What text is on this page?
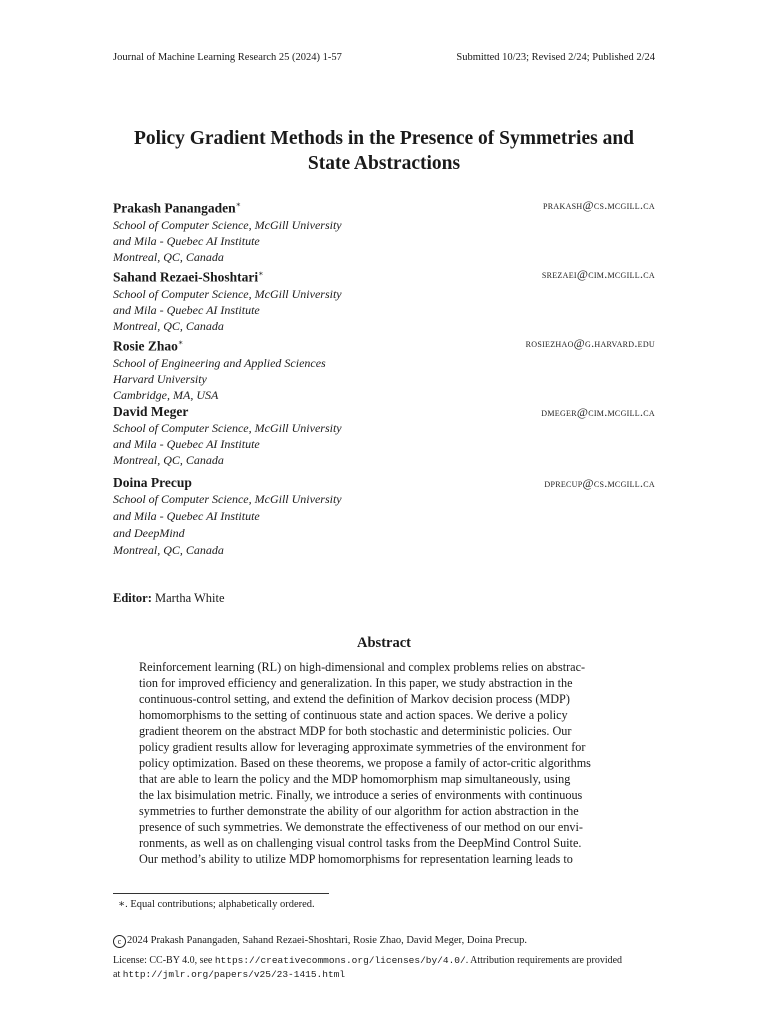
Journal of Machine Learning Research 25 (2024) 1-57	Submitted 10/23; Revised 2/24; Published 2/24
Policy Gradient Methods in the Presence of Symmetries and
State Abstractions
Prakash Panangaden∗	prakash@cs.mcgill.ca
School of Computer Science, McGill University
and Mila - Quebec AI Institute
Montreal, QC, Canada
Sahand Rezaei-Shoshtari∗	srezaei@cim.mcgill.ca
School of Computer Science, McGill University
and Mila - Quebec AI Institute
Montreal, QC, Canada
Rosie Zhao∗	rosiezhao@g.harvard.edu
School of Engineering and Applied Sciences
Harvard University
Cambridge, MA, USA
David Meger	dmeger@cim.mcgill.ca
School of Computer Science, McGill University
and Mila - Quebec AI Institute
Montreal, QC, Canada
Doina Precup	dprecup@cs.mcgill.ca
School of Computer Science, McGill University
and Mila - Quebec AI Institute
and DeepMind
Montreal, QC, Canada
Editor: Martha White
Abstract
Reinforcement learning (RL) on high-dimensional and complex problems relies on abstrac-
tion for improved efficiency and generalization. In this paper, we study abstraction in the
continuous-control setting, and extend the definition of Markov decision process (MDP)
homomorphisms to the setting of continuous state and action spaces. We derive a policy
gradient theorem on the abstract MDP for both stochastic and deterministic policies. Our
policy gradient results allow for leveraging approximate symmetries of the environment for
policy optimization. Based on these theorems, we propose a family of actor-critic algorithms
that are able to learn the policy and the MDP homomorphism map simultaneously, using
the lax bisimulation metric. Finally, we introduce a series of environments with continuous
symmetries to further demonstrate the ability of our algorithm for action abstraction in the
presence of such symmetries. We demonstrate the effectiveness of our method on our envi-
ronments, as well as on challenging visual control tasks from the DeepMind Control Suite.
Our method’s ability to utilize MDP homomorphisms for representation learning leads to
∗. Equal contributions; alphabetically ordered.
c 2024 Prakash Panangaden, Sahand Rezaei-Shoshtari, Rosie Zhao, David Meger, Doina Precup.
License: CC-BY 4.0, see https://creativecommons.org/licenses/by/4.0/. Attribution requirements are provided
at http://jmlr.org/papers/v25/23-1415.html
